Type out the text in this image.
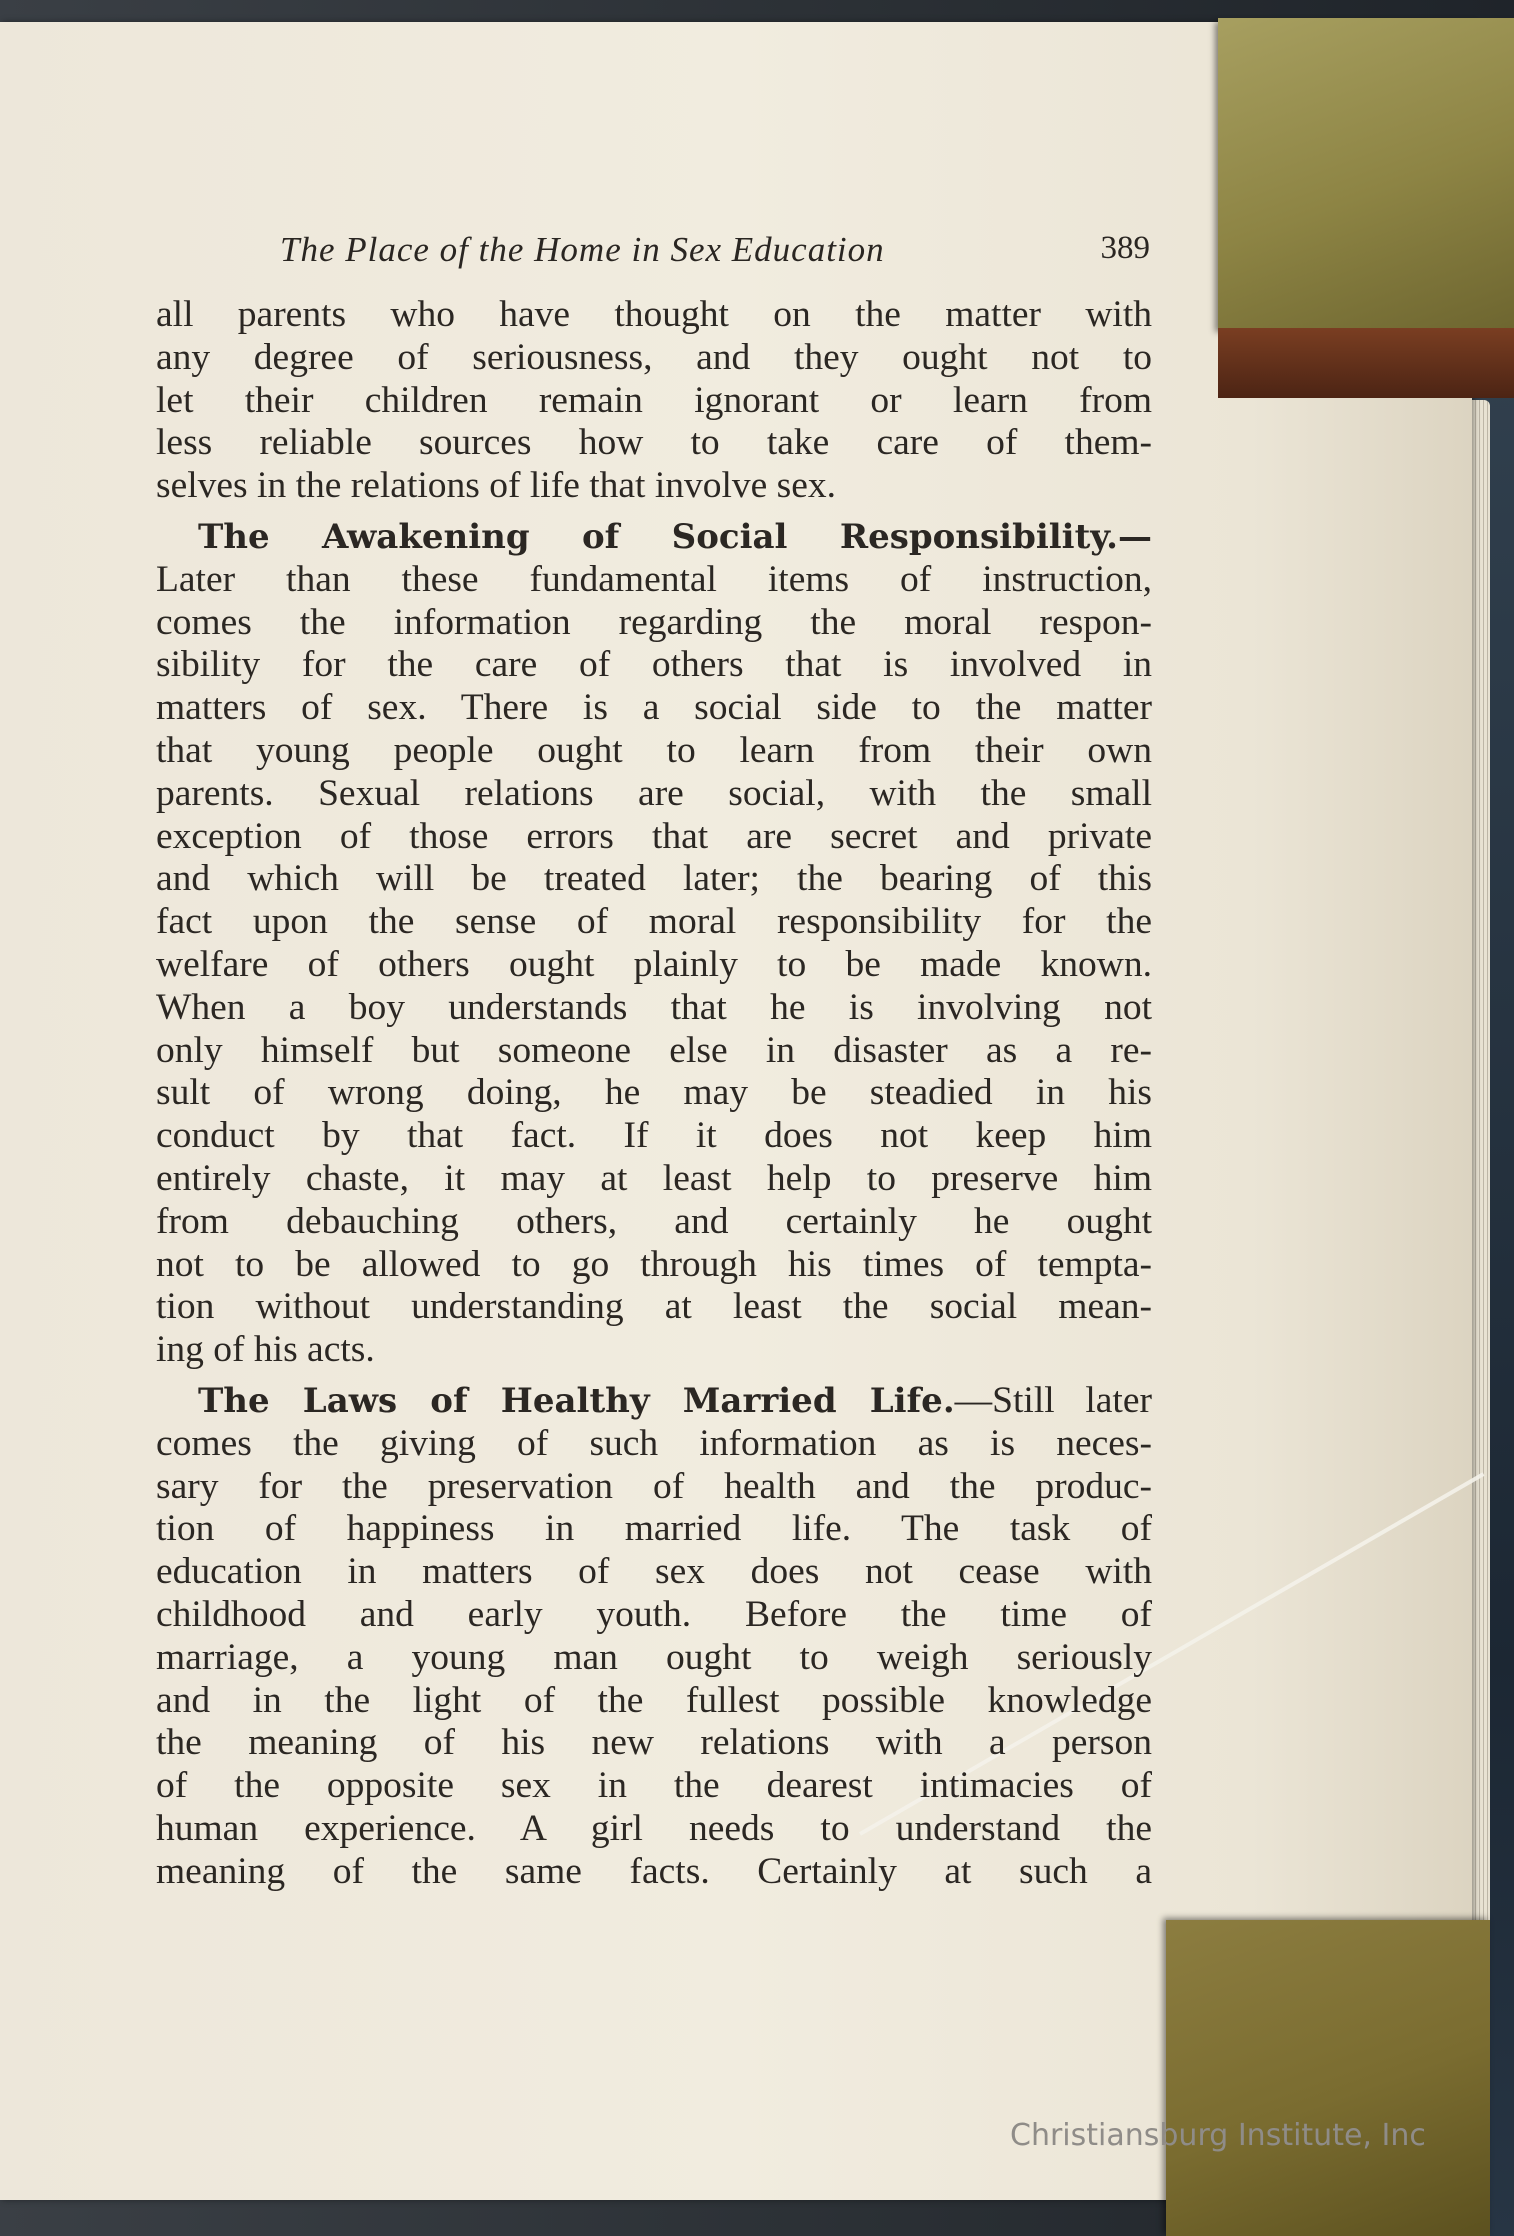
The Place of the Home in Sex Education	389
all parents who have thought on the matter with
any degree of seriousness, and they ought not to
let their children remain ignorant or learn from
less reliable sources how to take care of them-
selves in the relations of life that involve sex.
The Awakening of Social Responsibility.—
Later than these fundamental items of instruction,
comes the information regarding the moral respon-
sibility for the care of others that is involved in
matters of sex. There is a social side to the matter
that young people ought to learn from their own
parents. Sexual relations are social, with the small
exception of those errors that are secret and private
and which will be treated later; the bearing of this
fact upon the sense of moral responsibility for the
welfare of others ought plainly to be made known.
When a boy understands that he is involving not
only himself but someone else in disaster as a re-
sult of wrong doing, he may be steadied in his
conduct by that fact. If it does not keep him
entirely chaste, it may at least help to preserve him
from debauching others, and certainly he ought
not to be allowed to go through his times of tempta-
tion without understanding at least the social mean-
ing of his acts.
The Laws of Healthy Married Life.—Still later
comes the giving of such information as is neces-
sary for the preservation of health and the produc-
tion of happiness in married life. The task of
education in matters of sex does not cease with
childhood and early youth. Before the time of
marriage, a young man ought to weigh seriously
and in the light of the fullest possible knowledge
the meaning of his new relations with a person
of the opposite sex in the dearest intimacies of
human experience. A girl needs to understand the
meaning of the same facts. Certainly at such a
Christiansburg Institute, Inc
